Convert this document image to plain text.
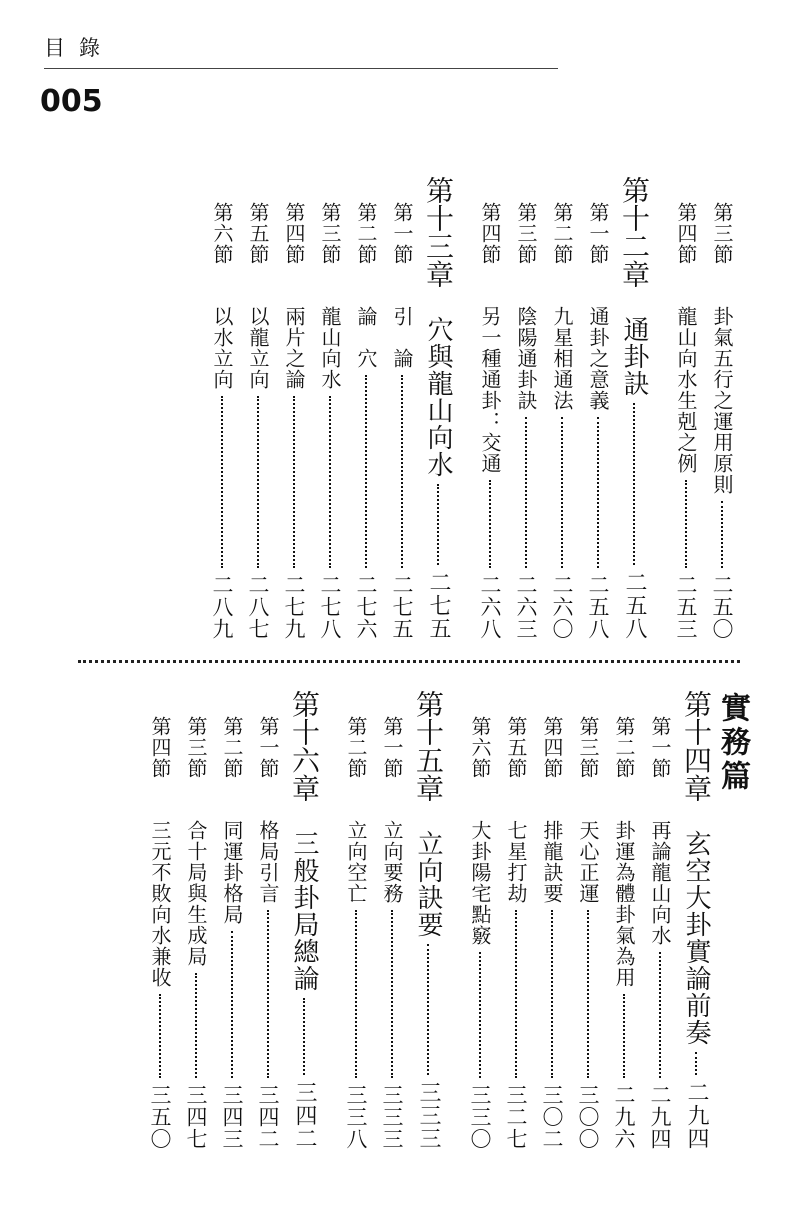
目錄
005
第三節
卦氣五行之運用原則
二五〇
第四節
龍山向水生剋之例
二五三
第十二章
通卦訣
二五八
第一節
通卦之意義
二五八
第二節
九星相通法
二六〇
第三節
陰陽通卦訣
二六三
第四節
另一種通卦：交通
二六八
第十三章
穴與龍山向水
二七五
第一節
引　論
二七五
第二節
論　穴
二七六
第三節
龍山向水
二七八
第四節
兩片之論
二七九
第五節
以龍立向
二八七
第六節
以水立向
二八九
實務篇
第十四章
玄空大卦實論前奏
二九四
第一節
再論龍山向水
二九四
第二節
卦運為體卦氣為用
二九六
第三節
天心正運
三〇〇
第四節
排龍訣要
三〇二
第五節
七星打劫
三二七
第六節
大卦陽宅點竅
三三〇
第十五章
立向訣要
三三三
第一節
立向要務
三三三
第二節
立向空亡
三三八
第十六章
三般卦局總論
三四二
第一節
格局引言
三四二
第二節
同運卦格局
三四三
第三節
合十局與生成局
三四七
第四節
三元不敗向水兼收
三五〇
